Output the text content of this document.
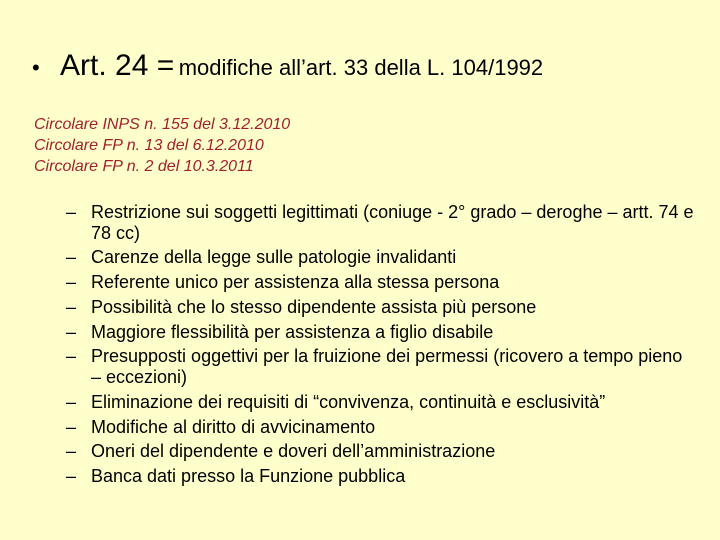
• Art. 24 = modifiche all’art. 33 della L. 104/1992
Circolare INPS n. 155 del 3.12.2010
Circolare FP n. 13 del 6.12.2010
Circolare FP n. 2 del 10.3.2011
– Restrizione sui soggetti legittimati (coniuge - 2° grado – deroghe – artt. 74 e 78 cc)
– Carenze della legge sulle patologie invalidanti
– Referente unico per assistenza alla stessa persona
– Possibilità che lo stesso dipendente assista più persone
– Maggiore flessibilità per assistenza a figlio disabile
– Presupposti oggettivi per la fruizione dei permessi (ricovero a tempo pieno – eccezioni)
– Eliminazione dei requisiti di “convivenza, continuità e esclusività”
– Modifiche al diritto di avvicinamento
– Oneri del dipendente e doveri dell’amministrazione
– Banca dati presso la Funzione pubblica
